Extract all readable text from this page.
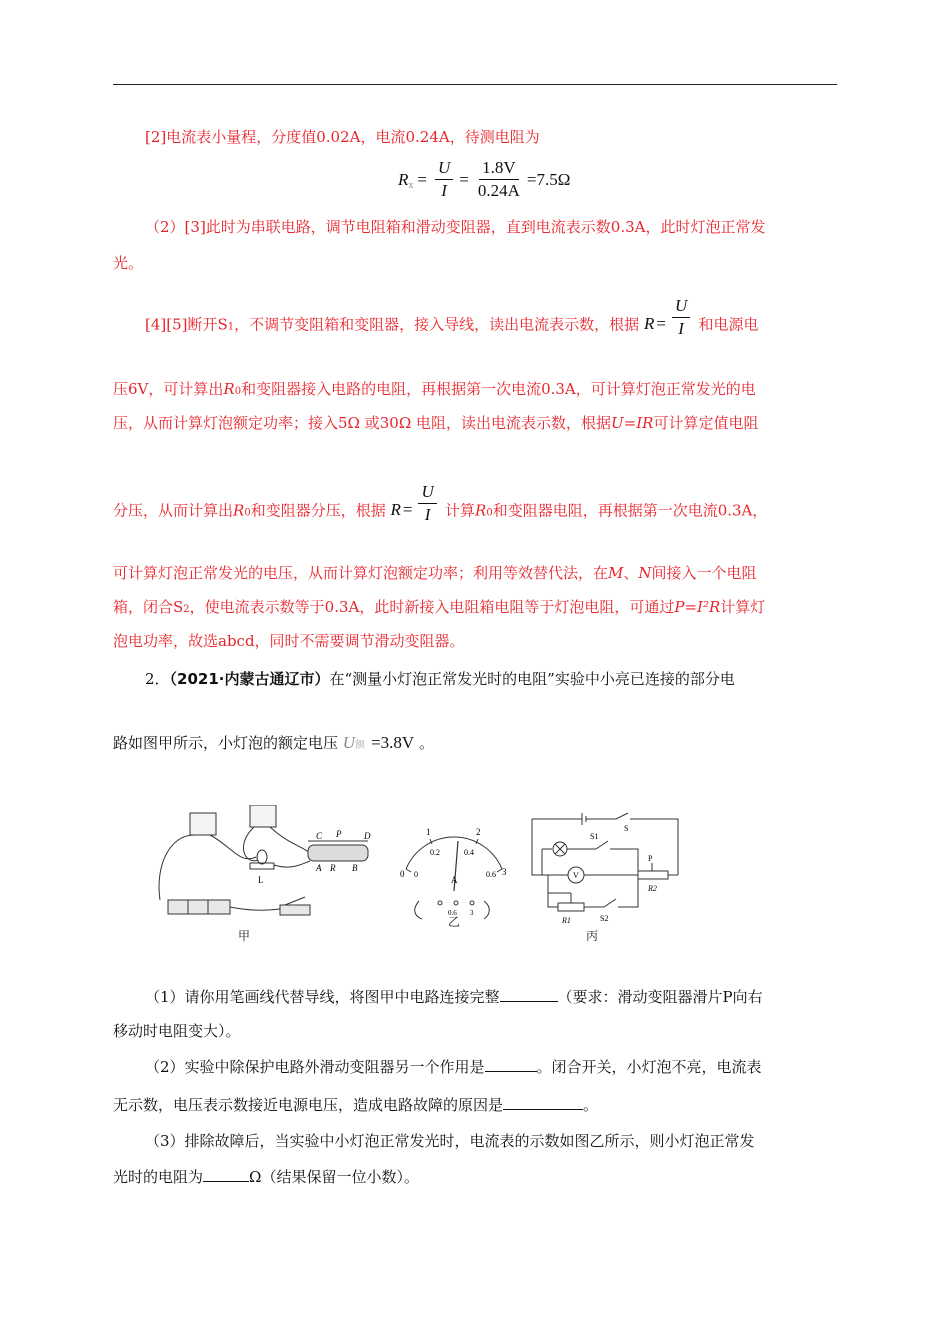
[2]电流表小量程，分度值0.02A，电流0.24A，待测电阻为
R $x = \frac{U}{I} = \frac{1.8V}{0.24A} =7.5\Omega$
（2）[3]此时为串联电路，调节电阻箱和滑动变阻器，直到电流表示数0.3A，此时灯泡正常发
光。
[4][5]断开S1，不调节变阻箱和变阻器，接入导线，读出电流表示数，根据 $R = \frac{U}{I}$ 和电源电
压6V，可计算出R0和变阻器接入电路的电阻，再根据第一次电流0.3A，可计算灯泡正常发光的电
压，从而计算灯泡额定功率；接入5Ω 或30Ω 电阻，读出电流表示数，根据U=IR可计算定值电阻
分压，从而计算出R0和变阻器分压，根据 $R = \frac{U}{I}$ 计算R0和变阻器电阻，再根据第一次电流0.3A，
可计算灯泡正常发光的电压，从而计算灯泡额定功率；利用等效替代法，在M、N间接入一个电阻
箱，闭合S2，使电流表示数等于0.3A，此时新接入电阻箱电阻等于灯泡电阻，可通过P=I²R计算灯
泡电功率，故选abcd，同时不需要调节滑动变阻器。
2．（2021·内蒙古通辽市）在“测量小灯泡正常发光时的电阻”实验中小亮已连接的部分电
路如图甲所示，小灯泡的额定电压 U额 =3.8V 。
C P	D
A R B
L
甲
0
1	2
3
0
0.2	0.4
0.6
A
0.6 3
乙
S
S1
P
V
R2
R1	S2
丙
（1）请你用笔画线代替导线，将图甲中电路连接完整	（要求：滑动变阻器滑片P向右
移动时电阻变大）。
（2）实验中除保护电路外滑动变阻器另一个作用是	。闭合开关，小灯泡不亮，电流表
无示数，电压表示数接近电源电压，造成电路故障的原因是	。
（3）排除故障后，当实验中小灯泡正常发光时，电流表的示数如图乙所示，则小灯泡正常发
光时的电阻为	Ω（结果保留一位小数）。
